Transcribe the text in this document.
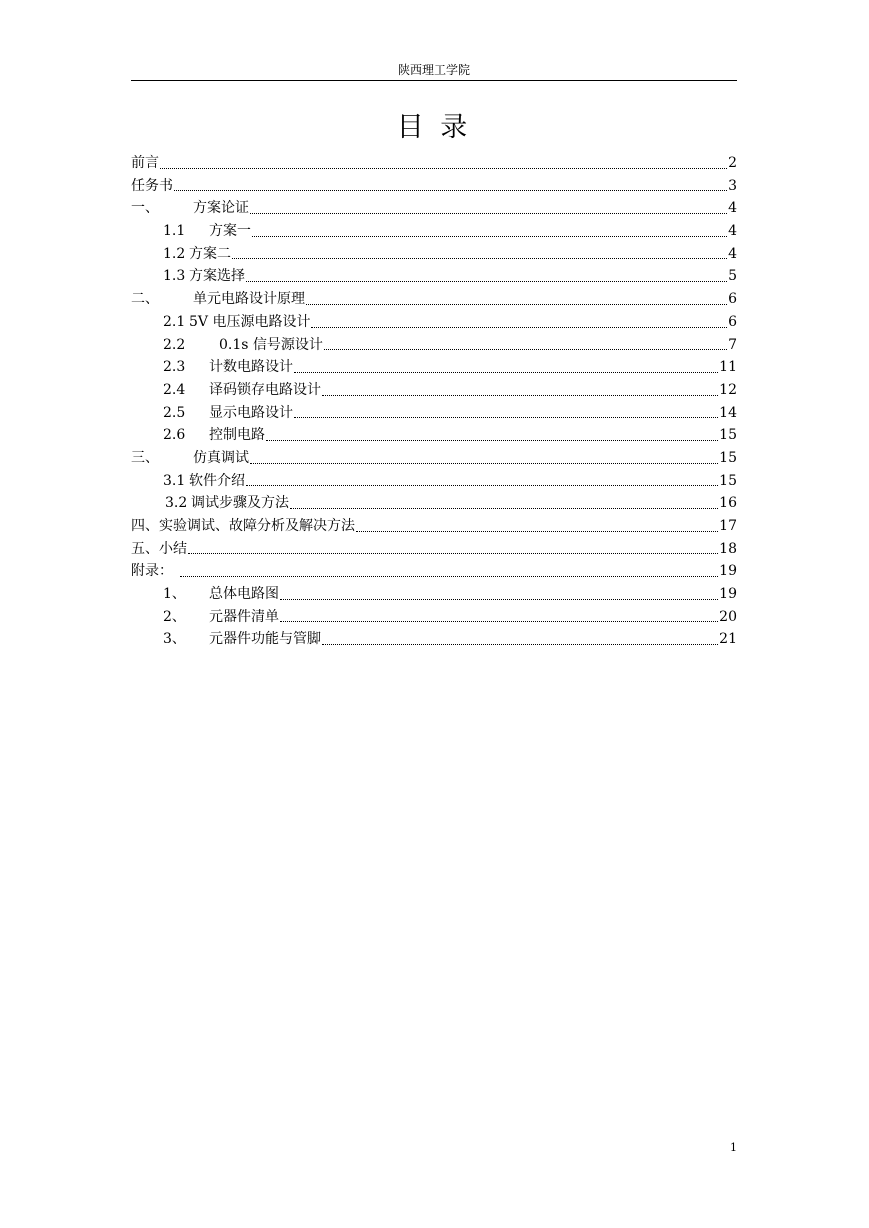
陕西理工学院
目 录
前言	2
任务书	3
一、	方案论证	4
1.1	方案一	4
1.2 方案二	4
1.3 方案选择	5
二、	单元电路设计原理	6
2.1 5V 电压源电路设计	6
2.2	0.1s 信号源设计	7
2.3	计数电路设计	11
2.4	译码锁存电路设计	12
2.5	显示电路设计	14
2.6	控制电路	15
三、	仿真调试	15
3.1 软件介绍	15
3.2 调试步骤及方法	16
四、实验调试、故障分析及解决方法	17
五、小结	18
附录：	19
1、	总体电路图	19
2、	元器件清单	20
3、	元器件功能与管脚	21
1
